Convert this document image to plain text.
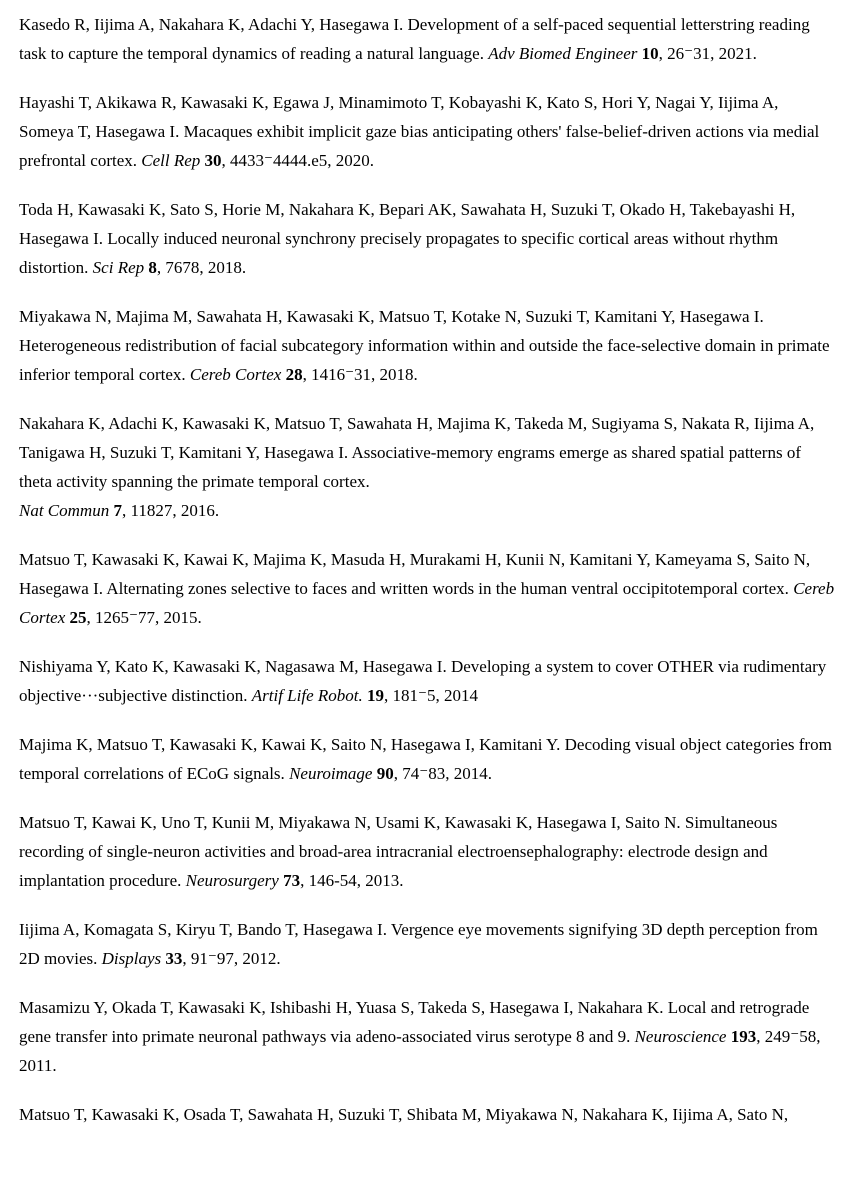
Kasedo R, Iijima A, Nakahara K, Adachi Y, Hasegawa I. Development of a self-paced sequential letterstring reading task to capture the temporal dynamics of reading a natural language. Adv Biomed Engineer 10, 26⁻31, 2021.

Hayashi T, Akikawa R, Kawasaki K, Egawa J, Minamimoto T, Kobayashi K, Kato S, Hori Y, Nagai Y, Iijima A, Someya T, Hasegawa I. Macaques exhibit implicit gaze bias anticipating others' false-belief-driven actions via medial prefrontal cortex. Cell Rep 30, 4433⁻4444.e5, 2020.

Toda H, Kawasaki K, Sato S, Horie M, Nakahara K, Bepari AK, Sawahata H, Suzuki T, Okado H, Takebayashi H, Hasegawa I. Locally induced neuronal synchrony precisely propagates to specific cortical areas without rhythm distortion. Sci Rep 8, 7678, 2018.

Miyakawa N, Majima M, Sawahata H, Kawasaki K, Matsuo T, Kotake N, Suzuki T, Kamitani Y, Hasegawa I. Heterogeneous redistribution of facial subcategory information within and outside the face-selective domain in primate inferior temporal cortex. Cereb Cortex 28, 1416⁻31, 2018.

Nakahara K, Adachi K, Kawasaki K, Matsuo T, Sawahata H, Majima K, Takeda M, Sugiyama S, Nakata R, Iijima A, Tanigawa H, Suzuki T, Kamitani Y, Hasegawa I. Associative-memory engrams emerge as shared spatial patterns of theta activity spanning the primate temporal cortex.
Nat Commun 7, 11827, 2016.

Matsuo T, Kawasaki K, Kawai K, Majima K, Masuda H, Murakami H, Kunii N, Kamitani Y, Kameyama S, Saito N, Hasegawa I. Alternating zones selective to faces and written words in the human ventral occipitotemporal cortex. Cereb Cortex 25, 1265⁻77, 2015.

Nishiyama Y, Kato K, Kawasaki K, Nagasawa M, Hasegawa I. Developing a system to cover OTHER via rudimentary objective···subjective distinction. Artif Life Robot. 19, 181⁻5, 2014

Majima K, Matsuo T, Kawasaki K, Kawai K, Saito N, Hasegawa I, Kamitani Y. Decoding visual object categories from temporal correlations of ECoG signals. Neuroimage 90, 74⁻83, 2014.

Matsuo T, Kawai K, Uno T, Kunii M, Miyakawa N, Usami K, Kawasaki K, Hasegawa I, Saito N. Simultaneous recording of single-neuron activities and broad-area intracranial electroensephalography: electrode design and implantation procedure. Neurosurgery 73, 146-54, 2013.

Iijima A, Komagata S, Kiryu T, Bando T, Hasegawa I. Vergence eye movements signifying 3D depth perception from 2D movies. Displays 33, 91⁻97, 2012.

Masamizu Y, Okada T, Kawasaki K, Ishibashi H, Yuasa S, Takeda S, Hasegawa I, Nakahara K. Local and retrograde gene transfer into primate neuronal pathways via adeno-associated virus serotype 8 and 9. Neuroscience 193, 249⁻58, 2011.

Matsuo T, Kawasaki K, Osada T, Sawahata H, Suzuki T, Shibata M, Miyakawa N, Nakahara K, Iijima A, Sato N,
